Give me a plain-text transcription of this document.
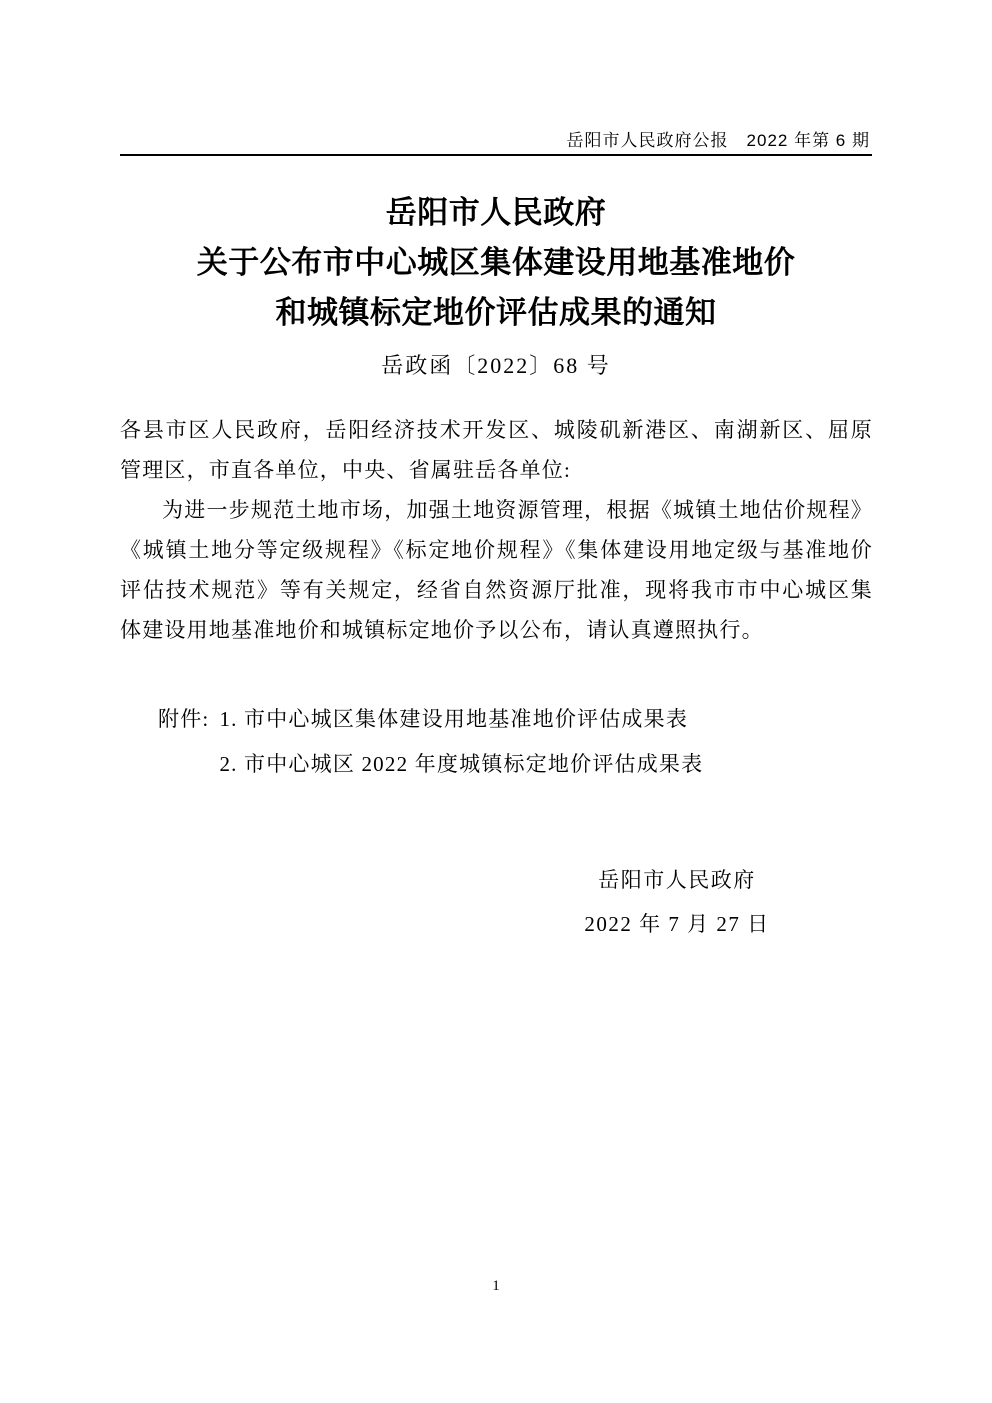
岳阳市人民政府公报　2022 年第 6 期
岳阳市人民政府
关于公布市中心城区集体建设用地基准地价
和城镇标定地价评估成果的通知
岳政函〔2022〕68 号

各县市区人民政府，岳阳经济技术开发区、城陵矶新港区、南湖新区、屈原管理区，市直各单位，中央、省属驻岳各单位:

为进一步规范土地市场，加强土地资源管理，根据《城镇土地估价规程》《城镇土地分等定级规程》《标定地价规程》《集体建设用地定级与基准地价评估技术规范》等有关规定，经省自然资源厅批准，现将我市市中心城区集体建设用地基准地价和城镇标定地价予以公布，请认真遵照执行。

附件: 1. 市中心城区集体建设用地基准地价评估成果表
2. 市中心城区 2022 年度城镇标定地价评估成果表
岳阳市人民政府
2022 年 7 月 27 日
1
